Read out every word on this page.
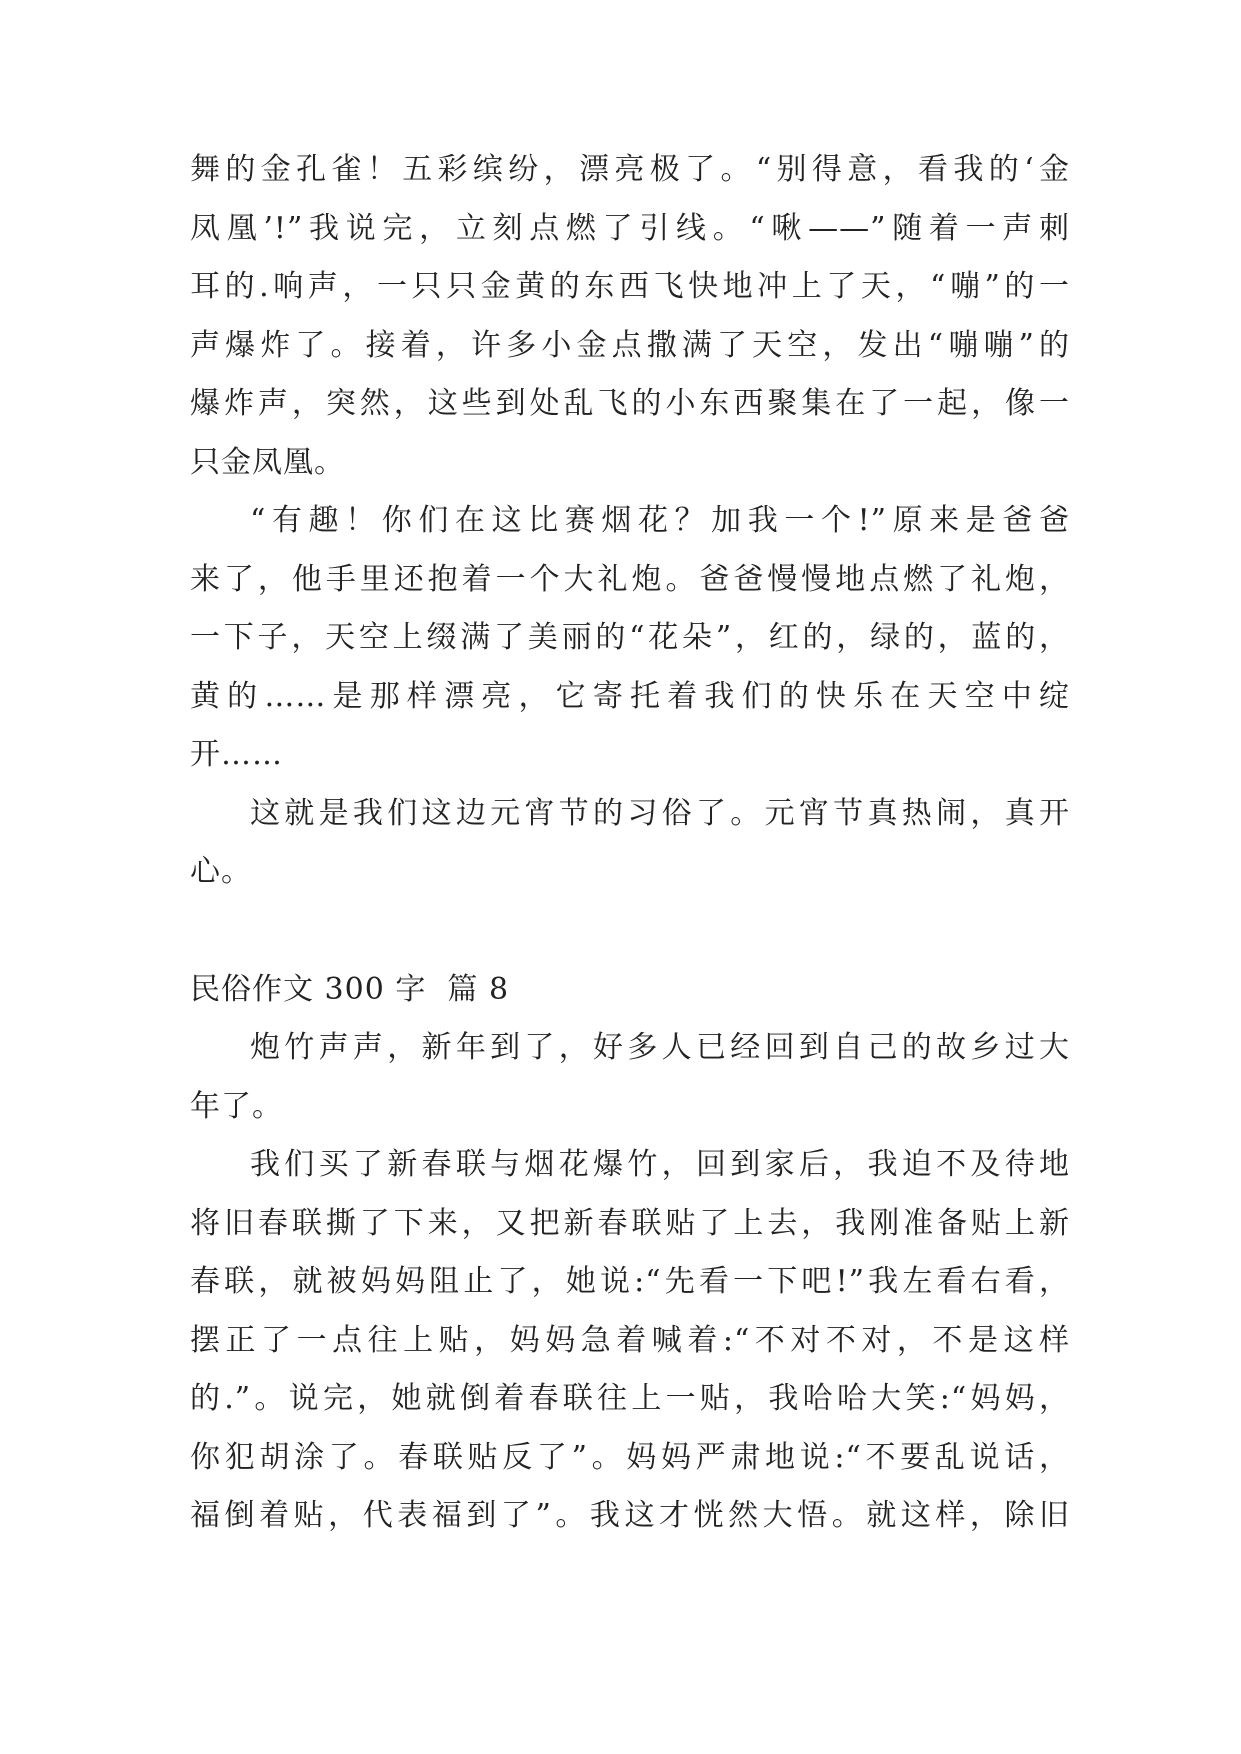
舞的金孔雀！五彩缤纷，漂亮极了。“别得意，看我的‘金
凤凰’!”我说完，立刻点燃了引线。“啾——”随着一声刺
耳的.响声，一只只金黄的东西飞快地冲上了天，“嘣”的一
声爆炸了。接着，许多小金点撒满了天空，发出“嘣嘣”的
爆炸声，突然，这些到处乱飞的小东西聚集在了一起，像一
只金凤凰。
“有趣！你们在这比赛烟花？加我一个!”原来是爸爸
来了，他手里还抱着一个大礼炮。爸爸慢慢地点燃了礼炮，
一下子，天空上缀满了美丽的“花朵”，红的，绿的，蓝的，
黄的……是那样漂亮，它寄托着我们的快乐在天空中绽
开……
这就是我们这边元宵节的习俗了。元宵节真热闹，真开
心。
民俗作文 300 字  篇 8
炮竹声声，新年到了，好多人已经回到自己的故乡过大
年了。
我们买了新春联与烟花爆竹，回到家后，我迫不及待地
将旧春联撕了下来，又把新春联贴了上去，我刚准备贴上新
春联，就被妈妈阻止了，她说:“先看一下吧!”我左看右看，
摆正了一点往上贴，妈妈急着喊着:“不对不对，不是这样
的.”。说完，她就倒着春联往上一贴，我哈哈大笑:“妈妈，
你犯胡涂了。春联贴反了”。妈妈严肃地说:“不要乱说话，
福倒着贴，代表福到了”。我这才恍然大悟。就这样，除旧
